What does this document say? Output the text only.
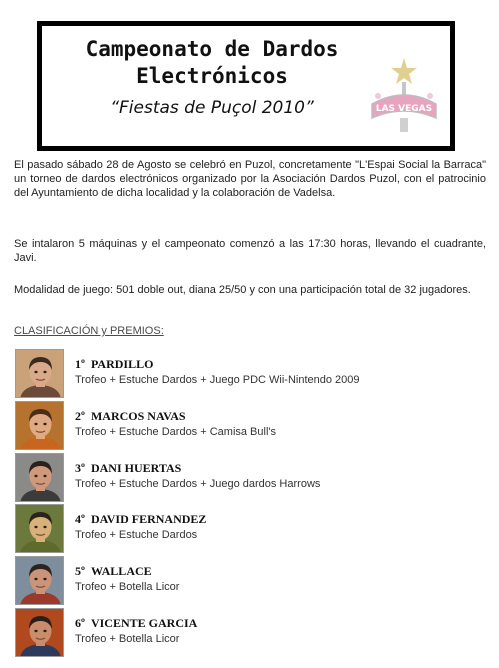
Campeonato de Dardos
Electrónicos
“Fiestas de Puçol 2010”	LAS VEGAS

El pasado sábado 28 de Agosto se celebró en Puzol, concretamente "L'Espai Social la Barraca" un torneo de dardos electrónicos organizado por la Asociación Dardos Puzol, con el patrocinio del Ayuntamiento de dicha localidad y la colaboración de Vadelsa.

Se intalaron 5 máquinas y el campeonato comenzó a las 17:30 horas, llevando el cuadrante, Javi.

Modalidad de juego: 501 doble out, diana 25/50 y con una participación total de 32 jugadores.

CLASIFICACIÓN y PREMIOS:

1º PARDILLO
Trofeo + Estuche Dardos + Juego PDC Wii-Nintendo 2009
2º MARCOS NAVAS
Trofeo + Estuche Dardos + Camisa Bull's
3º DANI HUERTAS
Trofeo + Estuche Dardos + Juego dardos Harrows
4º DAVID FERNANDEZ
Trofeo + Estuche Dardos
5º WALLACE
Trofeo + Botella Licor
6º VICENTE GARCIA
Trofeo + Botella Licor
